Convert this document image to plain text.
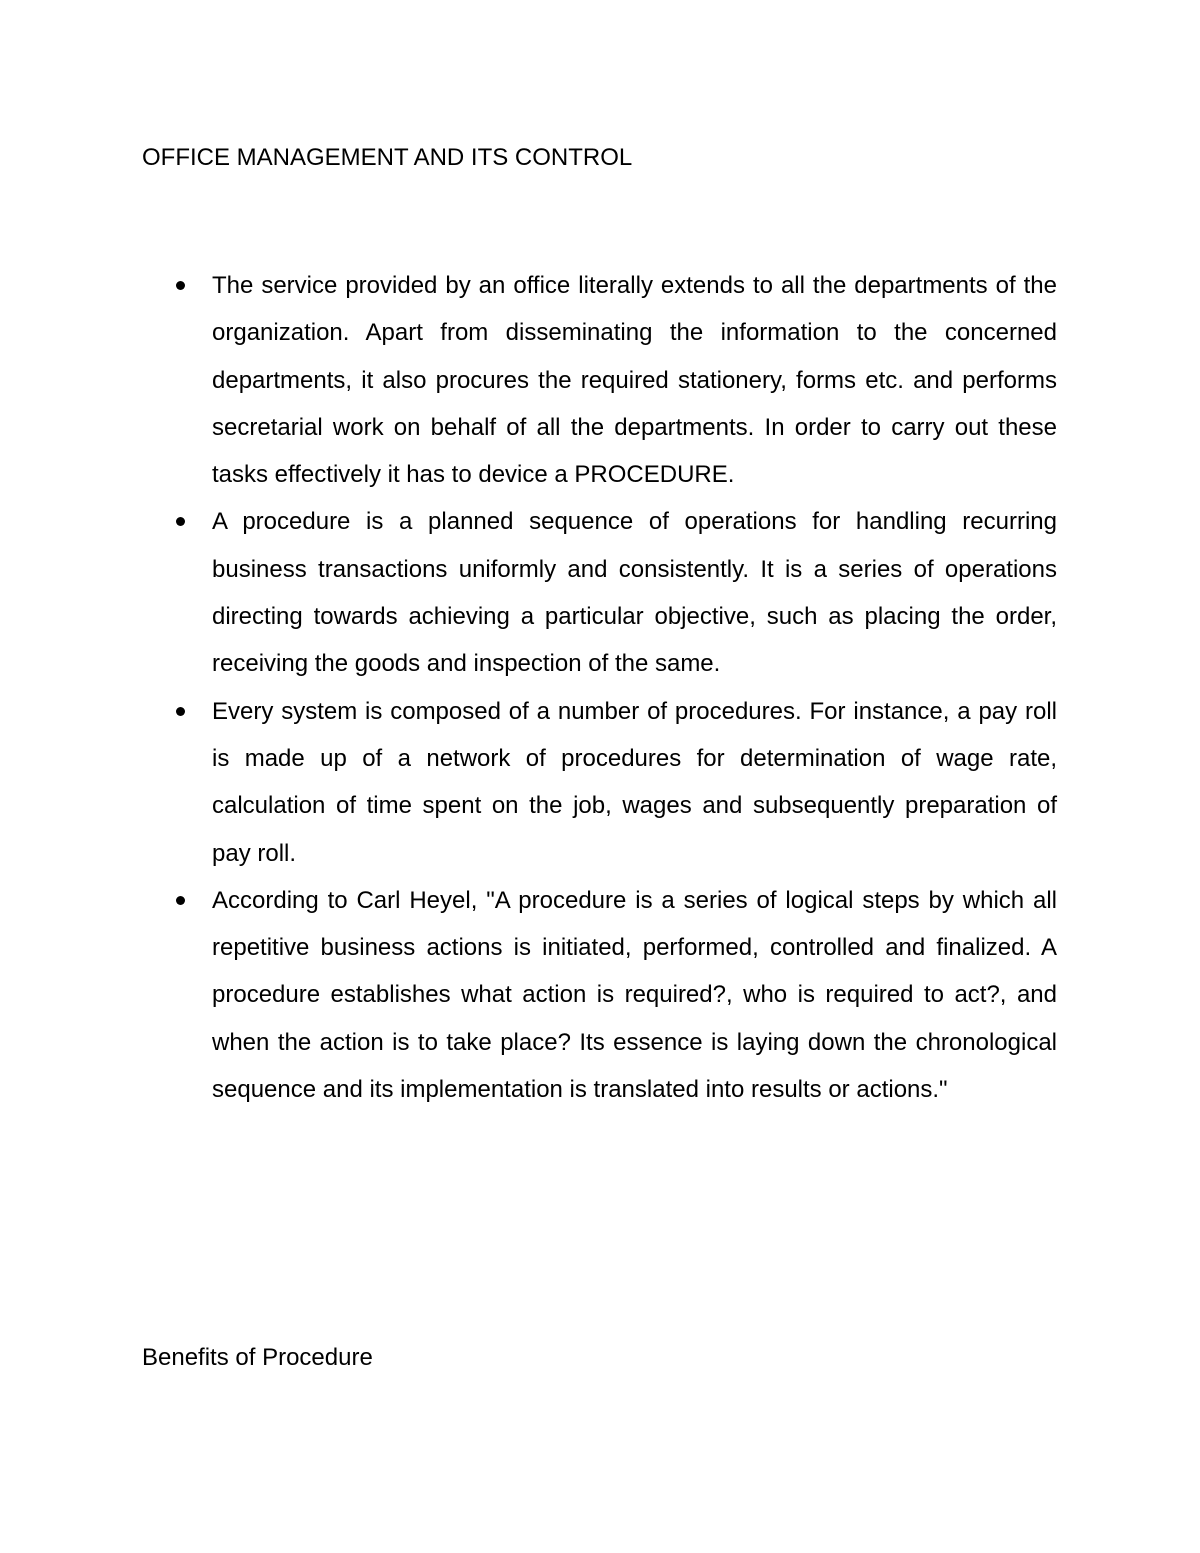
OFFICE MANAGEMENT AND ITS CONTROL
The service provided by an office literally extends to all the departments of the organization. Apart from disseminating the information to the concerned departments, it also procures the required stationery, forms etc. and performs secretarial work on behalf of all the departments. In order to carry out these tasks effectively it has to device a PROCEDURE.
A procedure is a planned sequence of operations for handling recurring business transactions uniformly and consistently. It is a series of operations directing towards achieving a particular objective, such as placing the order, receiving the goods and inspection of the same.
Every system is composed of a number of procedures. For instance, a pay roll is made up of a network of procedures for determination of wage rate, calculation of time spent on the job, wages and subsequently preparation of pay roll.
According to Carl Heyel, "A procedure is a series of logical steps by which all repetitive business actions is initiated, performed, controlled and finalized. A procedure establishes what action is required?, who is required to act?, and when the action is to take place? Its essence is laying down the chronological sequence and its implementation is translated into results or actions."
Benefits of Procedure
